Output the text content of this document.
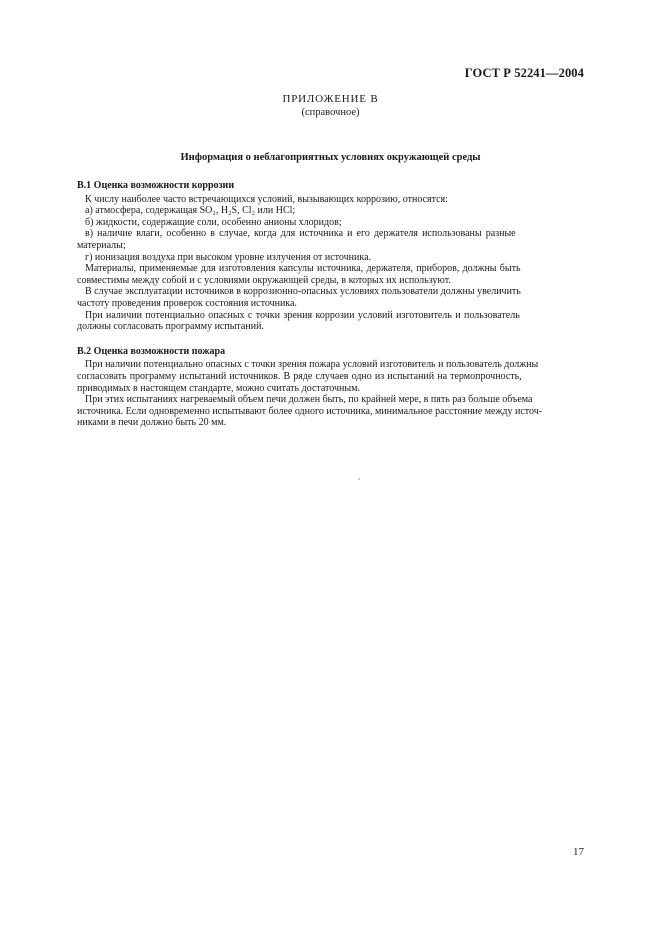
ГОСТ Р 52241—2004
ПРИЛОЖЕНИЕ В
(справочное)
Информация о неблагоприятных условиях окружающей среды
В.1 Оценка возможности коррозии
К числу наиболее часто встречающихся условий, вызывающих коррозию, относятся:
а) атмосфера, содержащая SO₂, H₂S, Cl₂ или HCl;
б) жидкости, содержащие соли, особенно анионы хлоридов;
в) наличие влаги, особенно в случае, когда для источника и его держателя использованы разные
материалы;
г) ионизация воздуха при высоком уровне излучения от источника.
Материалы, применяемые для изготовления капсулы источника, держателя, приборов, должны быть
совместимы между собой и с условиями окружающей среды, в которых их используют.
В случае эксплуатации источников в коррозионно-опасных условиях пользователи должны увеличить
частоту проведения проверок состояния источника.
При наличии потенциально опасных с точки зрения коррозии условий изготовитель и пользователь
должны согласовать программу испытаний.
В.2 Оценка возможности пожара
При наличии потенциально опасных с точки зрения пожара условий изготовитель и пользователь должны
согласовать программу испытаний источников. В ряде случаев одно из испытаний на термопрочность,
приводимых в настоящем стандарте, можно считать достаточным.
При этих испытаниях нагреваемый объем печи должен быть, по крайней мере, в пять раз больше объема
источника. Если одновременно испытывают более одного источника, минимальное расстояние между источ-
никами в печи должно быть 20 мм.
17
